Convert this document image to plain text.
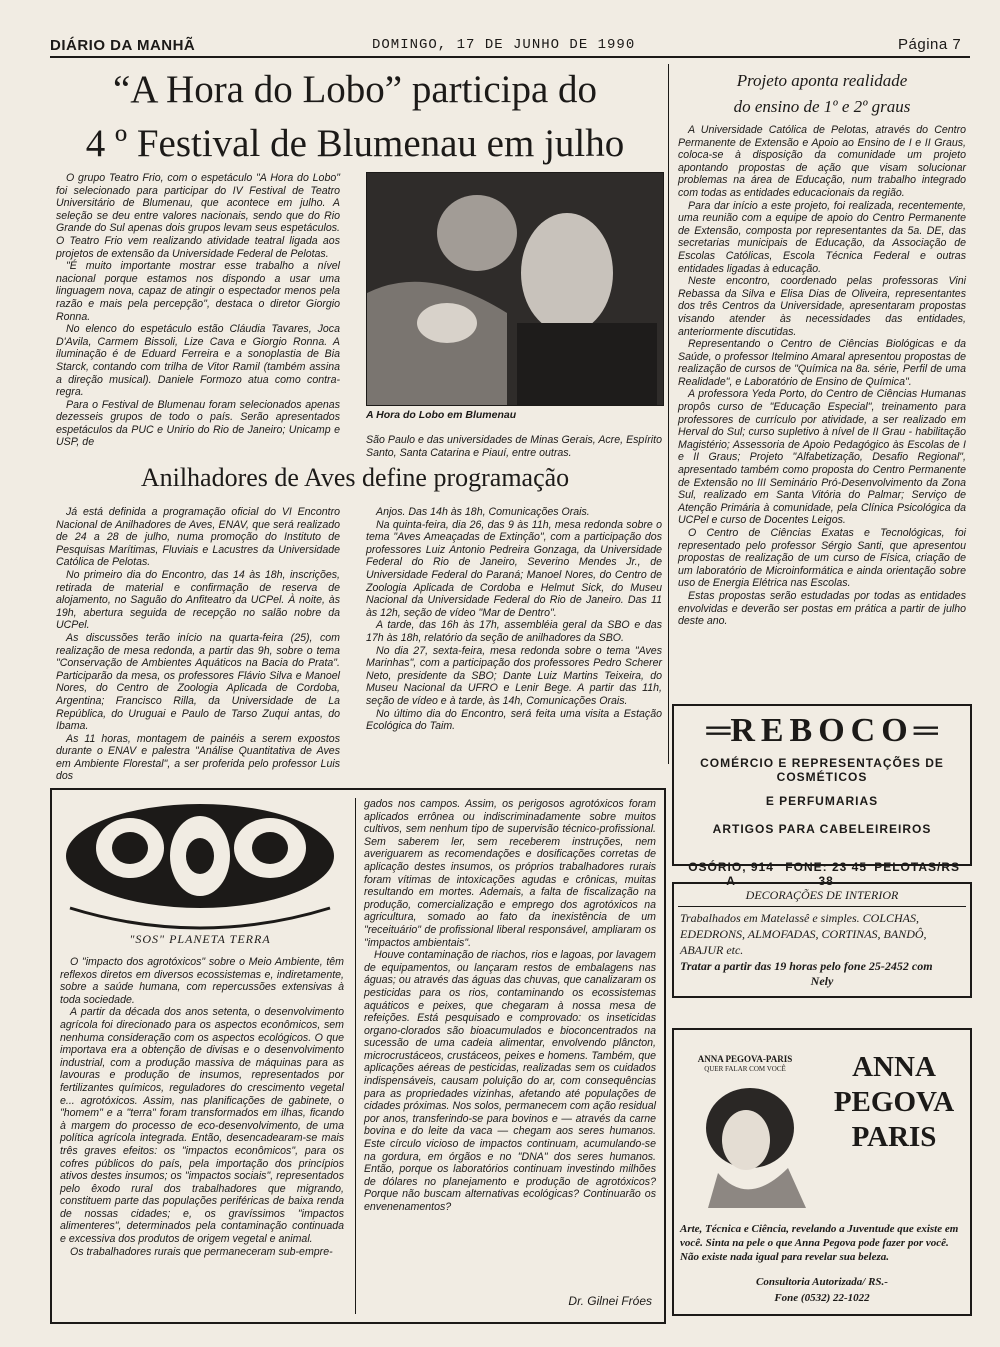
DIÁRIO DA MANHÃ	DOMINGO, 17 DE JUNHO DE 1990	Página 7
“A Hora do Lobo” participa do
4 º Festival de Blumenau em julho

O grupo Teatro Frio, com o espetáculo "A Hora do Lobo" foi selecionado para participar do IV Festival de Teatro Universitário de Blumenau, que acontece em julho. A seleção se deu entre valores nacionais, sendo que do Rio Grande do Sul apenas dois grupos levam seus espetáculos. O Teatro Frio vem realizando atividade teatral ligada aos projetos de extensão da Universidade Federal de Pelotas.

"É muito importante mostrar esse trabalho a nível nacional porque estamos nos dispondo a usar uma linguagem nova, capaz de atingir o espectador menos pela razão e mais pela percepção", destaca o diretor Giorgio Ronna.

No elenco do espetáculo estão Cláudia Tavares, Joca D'Avila, Carmem Bissoli, Lize Cava e Giorgio Ronna. A iluminação é de Eduard Ferreira e a sonoplastia de Bia Starck, contando com trilha de Vitor Ramil (também assina a direção musical). Daniele Formozo atua como contra-regra.

Para o Festival de Blumenau foram selecionados apenas dezesseis grupos de todo o país. Serão apresentados espetáculos da PUC e Unirio do Rio de Janeiro; Unicamp e USP, de

A Hora do Lobo em Blumenau
São Paulo e das universidades de Minas Gerais, Acre, Espírito Santo, Santa Catarina e Piauí, entre outras.
Anilhadores de Aves define programação

Já está definida a programação oficial do VI Encontro Nacional de Anilhadores de Aves, ENAV, que será realizado de 24 a 28 de julho, numa promoção do Instituto de Pesquisas Marítimas, Fluviais e Lacustres da Universidade Católica de Pelotas.

No primeiro dia do Encontro, das 14 às 18h, inscrições, retirada de material e confirmação de reserva de alojamento, no Saguão do Anfiteatro da UCPel. À noite, às 19h, abertura seguida de recepção no salão nobre da UCPel.

As discussões terão início na quarta-feira (25), com realização de mesa redonda, a partir das 9h, sobre o tema "Conservação de Ambientes Aquáticos na Bacia do Prata". Participarão da mesa, os professores Flávio Silva e Manoel Nores, do Centro de Zoologia Aplicada de Cordoba, Argentina; Francisco Rilla, da Universidade de La República, do Uruguai e Paulo de Tarso Zuqui antas, do Ibama.

As 11 horas, montagem de painéis a serem expostos durante o ENAV e palestra "Análise Quantitativa de Aves em Ambiente Florestal", a ser proferida pelo professor Luis dos

Anjos. Das 14h às 18h, Comunicações Orais.

Na quinta-feira, dia 26, das 9 às 11h, mesa redonda sobre o tema "Aves Ameaçadas de Extinção", com a participação dos professores Luiz Antonio Pedreira Gonzaga, da Universidade Federal do Rio de Janeiro, Severino Mendes Jr., de Universidade Federal do Paraná; Manoel Nores, do Centro de Zoologia Aplicada de Cordoba e Helmut Sick, do Museu Nacional da Universidade Federal do Rio de Janeiro. Das 11 às 12h, seção de vídeo "Mar de Dentro".

A tarde, das 16h às 17h, assembléia geral da SBO e das 17h às 18h, relatório da seção de anilhadores da SBO.

No dia 27, sexta-feira, mesa redonda sobre o tema "Aves Marinhas", com a participação dos professores Pedro Scherer Neto, presidente da SBO; Dante Luiz Martins Teixeira, do Museu Nacional da UFRO e Lenir Bege. A partir das 11h, seção de vídeo e à tarde, às 14h, Comunicações Orais.

No último dia do Encontro, será feita uma visita a Estação Ecológica do Taim.

Projeto aponta realidade
do ensino de 1º e 2º graus

A Universidade Católica de Pelotas, através do Centro Permanente de Extensão e Apoio ao Ensino de I e II Graus, coloca-se à disposição da comunidade um projeto apontando propostas de ação que visam solucionar problemas na área de Educação, num trabalho integrado com todas as entidades educacionais da região.

Para dar início a este projeto, foi realizada, recentemente, uma reunião com a equipe de apoio do Centro Permanente de Extensão, composta por representantes da 5a. DE, das secretarias municipais de Educação, da Associação de Escolas Católicas, Escola Técnica Federal e outras entidades ligadas à educação.

Neste encontro, coordenado pelas professoras Vini Rebassa da Silva e Elisa Dias de Oliveira, representantes dos três Centros da Universidade, apresentaram propostas visando atender às necessidades das entidades, anteriormente discutidas.

Representando o Centro de Ciências Biológicas e da Saúde, o professor Itelmino Amaral apresentou propostas de realização de cursos de "Química na 8a. série, Perfil de uma Realidade", e Laboratório de Ensino de Química".

A professora Yeda Porto, do Centro de Ciências Humanas propôs curso de "Educação Especial", treinamento para professores de currículo por atividade, a ser realizado em Herval do Sul; curso supletivo à nível de II Grau - habilitação Magistério; Assessoria de Apoio Pedagógico às Escolas de I e II Graus; Projeto "Alfabetização, Desafio Regional", apresentado também como proposta do Centro Permanente de Extensão no III Seminário Pró-Desenvolvimento da Zona Sul, realizado em Santa Vitória do Palmar; Serviço de Atenção Primária à comunidade, pela Clínica Psicológica da UCPel e curso de Docentes Leigos.

O Centro de Ciências Exatas e Tecnológicas, foi representado pelo professor Sérgio Santi, que apresentou propostas de realização de um curso de Física, criação de um laboratório de Microinformática e ainda orientação sobre uso de Energia Elétrica nas Escolas.

Estas propostas serão estudadas por todas as entidades envolvidas e deverão ser postas em prática a partir de julho deste ano.

═REBOCO═
COMÉRCIO E REPRESENTAÇÕES DE COSMÉTICOS
E PERFUMARIAS
ARTIGOS PARA CABELEIREIROS
OSÓRIO, 914 A
FONE: 23 45 38
PELOTAS/RS
DECORAÇÕES DE INTERIOR
Trabalhados em Matelassê e simples. COLCHAS, EDEDRONS, ALMOFADAS, CORTINAS, BANDÔ, ABAJUR etc.
Tratar a partir das 19 horas pelo fone 25-2452 com
Nely
ANNA PEGOVA-PARIS
QUER FALAR COM VOCÊ	ANNA
PEGOVA
PARIS
Arte, Técnica e Ciência, revelando a Juventude que existe em você. Sinta na pele o que Anna Pegova pode fazer por você. Não existe nada igual para revelar sua beleza.
Consultoria Autorizada/ RS.-
Fone (0532) 22-1022
"SOS" PLANETA TERRA

O "impacto dos agrotóxicos" sobre o Meio Ambiente, têm reflexos diretos em diversos ecossistemas e, indiretamente, sobre a saúde humana, com repercussões extensivas à toda sociedade.

A partir da década dos anos setenta, o desenvolvimento agrícola foi direcionado para os aspectos econômicos, sem nenhuma consideração com os aspectos ecológicos. O que importava era a obtenção de divisas e o desenvolvimento industrial, com a produção massiva de máquinas para as lavouras e produção de insumos, representados por fertilizantes químicos, reguladores do crescimento vegetal e... agrotóxicos. Assim, nas planificações de gabinete, o "homem" e a "terra" foram transformados em ilhas, ficando à margem do processo de eco-desenvolvimento, de uma política agrícola integrada. Então, desencadearam-se mais três graves efeitos: os "impactos econômicos", para os cofres públicos do país, pela importação dos princípios ativos destes insumos; os "impactos sociais", representados pelo êxodo rural dos trabalhadores que migrando, constituem parte das populações periféricas de baixa renda de nossas cidades; e, os gravíssimos "impactos alimenteres", determinados pela contaminação continuada e excessiva dos produtos de origem vegetal e animal.

Os trabalhadores rurais que permaneceram sub-empre-

gados nos campos. Assim, os perigosos agrotóxicos foram aplicados errônea ou indiscriminadamente sobre muitos cultivos, sem nenhum tipo de supervisão técnico-profissional. Sem saberem ler, sem receberem instruções, nem averiguarem as recomendações e dosificações corretas de aplicação destes insumos, os próprios trabalhadores rurais foram vítimas de intoxicações agudas e crônicas, muitas resultando em mortes. Ademais, a falta de fiscalização na produção, comercialização e emprego dos agrotóxicos na agricultura, somado ao fato da inexistência de um "receituário" de profissional liberal responsável, ampliaram os "impactos ambientais".

Houve contaminação de riachos, rios e lagoas, por lavagem de equipamentos, ou lançaram restos de embalagens nas águas; ou através das águas das chuvas, que canalizaram os pesticidas para os rios, contaminando os ecossistemas aquáticos e peixes, que chegaram à nossa mesa de refeições. Está pesquisado e comprovado: os inseticidas organo-clorados são bioacumulados e bioconcentrados na sucessão de uma cadeia alimentar, envolvendo plâncton, microcrustáceos, crustáceos, peixes e homens. Também, que aplicações aéreas de pesticidas, realizadas sem os cuidados indispensáveis, causam poluição do ar, com consequências para as propriedades vizinhas, afetando até populações de cidades próximas. Nos solos, permanecem com ação residual por anos, transferindo-se para bovinos e — através da carne bovina e do leite da vaca — chegam aos seres humanos. Este círculo vicioso de impactos continuam, acumulando-se na gordura, em órgãos e no "DNA" dos seres humanos. Então, porque os laboratórios continuam investindo milhões de dólares no planejamento e produção de agrotóxicos? Porque não buscam alternativas ecológicas? Continuarão os envenenamentos?

Dr. Gilnei Fróes
